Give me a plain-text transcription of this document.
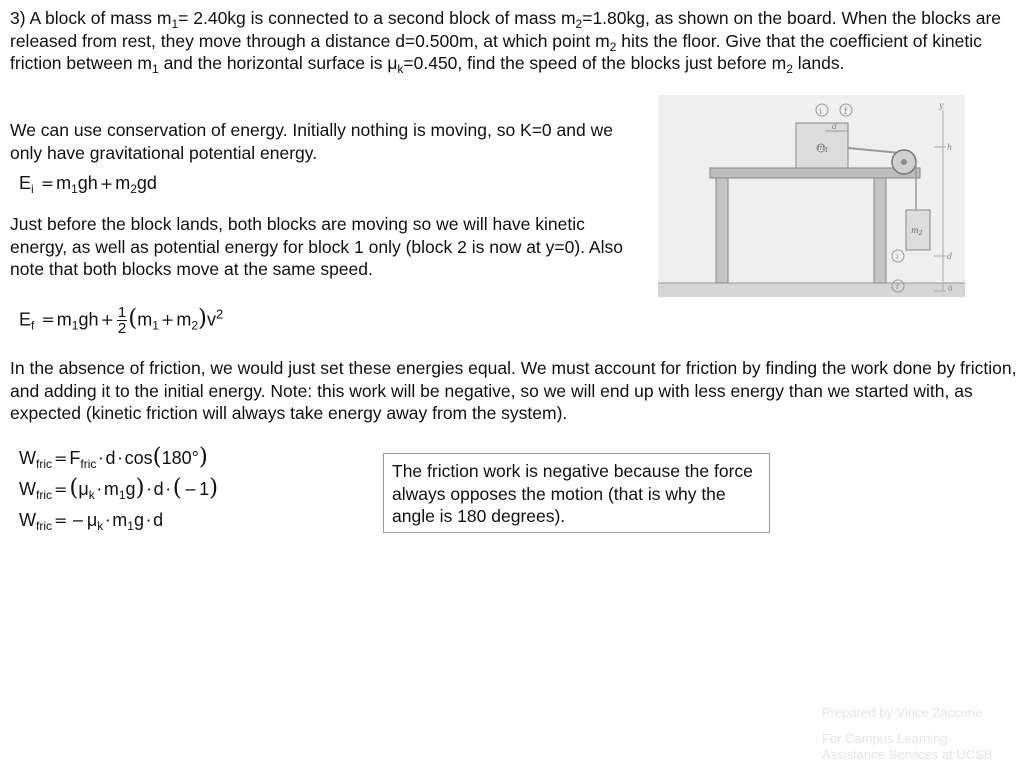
3) A block of mass $m_1= 2.40kg$ is connected to a second block of mass $m_2=1.80kg$, as shown on the board. When the blocks are released from rest, they move through a distance d=0.500m, at which point $m_2$ hits the floor. Give that the coefficient of kinetic friction between $m_1$ and the horizontal surface is $\mu_k=0.450$, find the speed of the blocks just before $m_2$ lands.

We can use conservation of energy. Initially nothing is moving, so K=0 and we only have gravitational potential energy.

$E_i = m_1gh + m_2gd$

Just before the block lands, both blocks are moving so we will have kinetic energy, as well as potential energy for block 1 only (block 2 is now at y=0). Also note that both blocks move at the same speed.

$E_f = m_1gh + \frac{1}{2} (m_1 + m_2)v^2$

In the absence of friction, we would just set these energies equal. We must account for friction by finding the work done by friction, and adding it to the initial energy. Note: this work will be negative, so we will end up with less energy than we started with, as expected (kinetic friction will always take energy away from the system).

$W_{fric} = F_{fric} \cdot d \cdot \cos(180^\circ)$
$W_{fric} =(\mu_k \cdot m_1g) \cdot d$ ·( − 1)
$W_{fric}$ = − $\mu_k \cdot m_1g \cdot d$
The friction work is negative because the force always opposes the motion (that is why the angle is 180 degrees).
i	f
y
d
$m_1$	h
$m_2$
i	d
f	0
Prepared by Vince Zaccone
For Campus Learning
Assistance Services at UCSB
